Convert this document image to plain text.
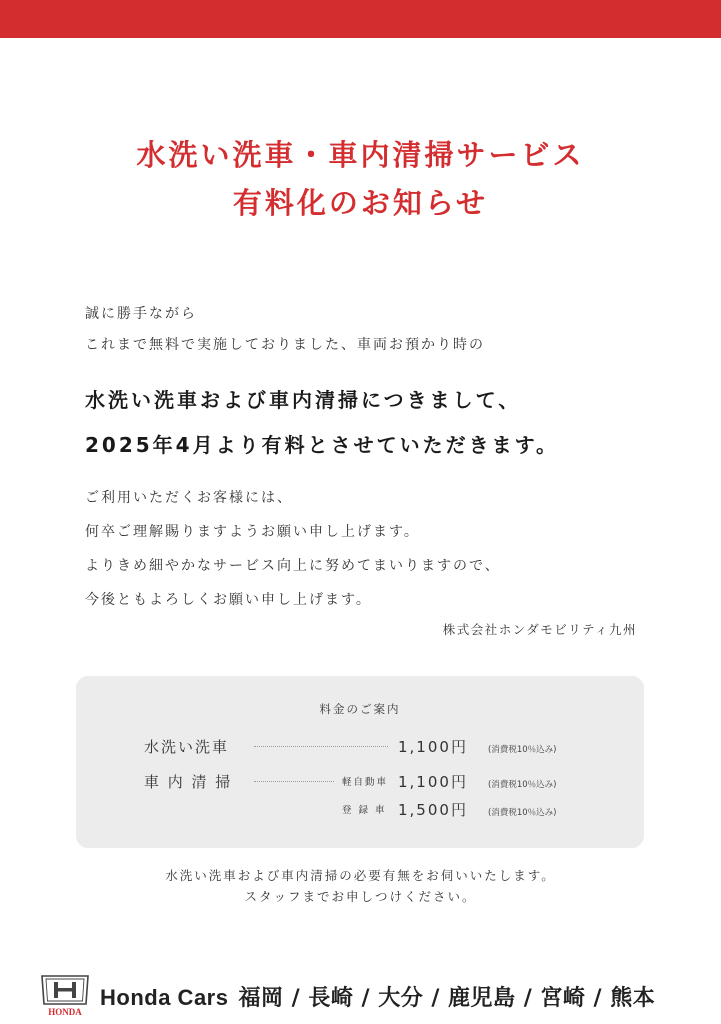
水洗い洗車・車内清掃サービス
有料化のお知らせ
誠に勝手ながら
これまで無料で実施しておりました、車両お預かり時の
水洗い洗車および車内清掃につきまして、
2025年4月より有料とさせていただきます。
ご利用いただくお客様には、
何卒ご理解賜りますようお願い申し上げます。
よりきめ細やかなサービス向上に努めてまいりますので、
今後ともよろしくお願い申し上げます。
株式会社ホンダモビリティ九州
料金のご案内
水洗い洗車	1,100円 (消費税10％込み)
車 内 清 掃	軽自動車 1,100円 (消費税10％込み)
登 録 車 1,500円 (消費税10％込み)
水洗い洗車および車内清掃の必要有無をお伺いいたします。
スタッフまでお申しつけください。
HONDA
Honda Cars 福岡 / 長崎 / 大分 / 鹿児島 / 宮崎 / 熊本
